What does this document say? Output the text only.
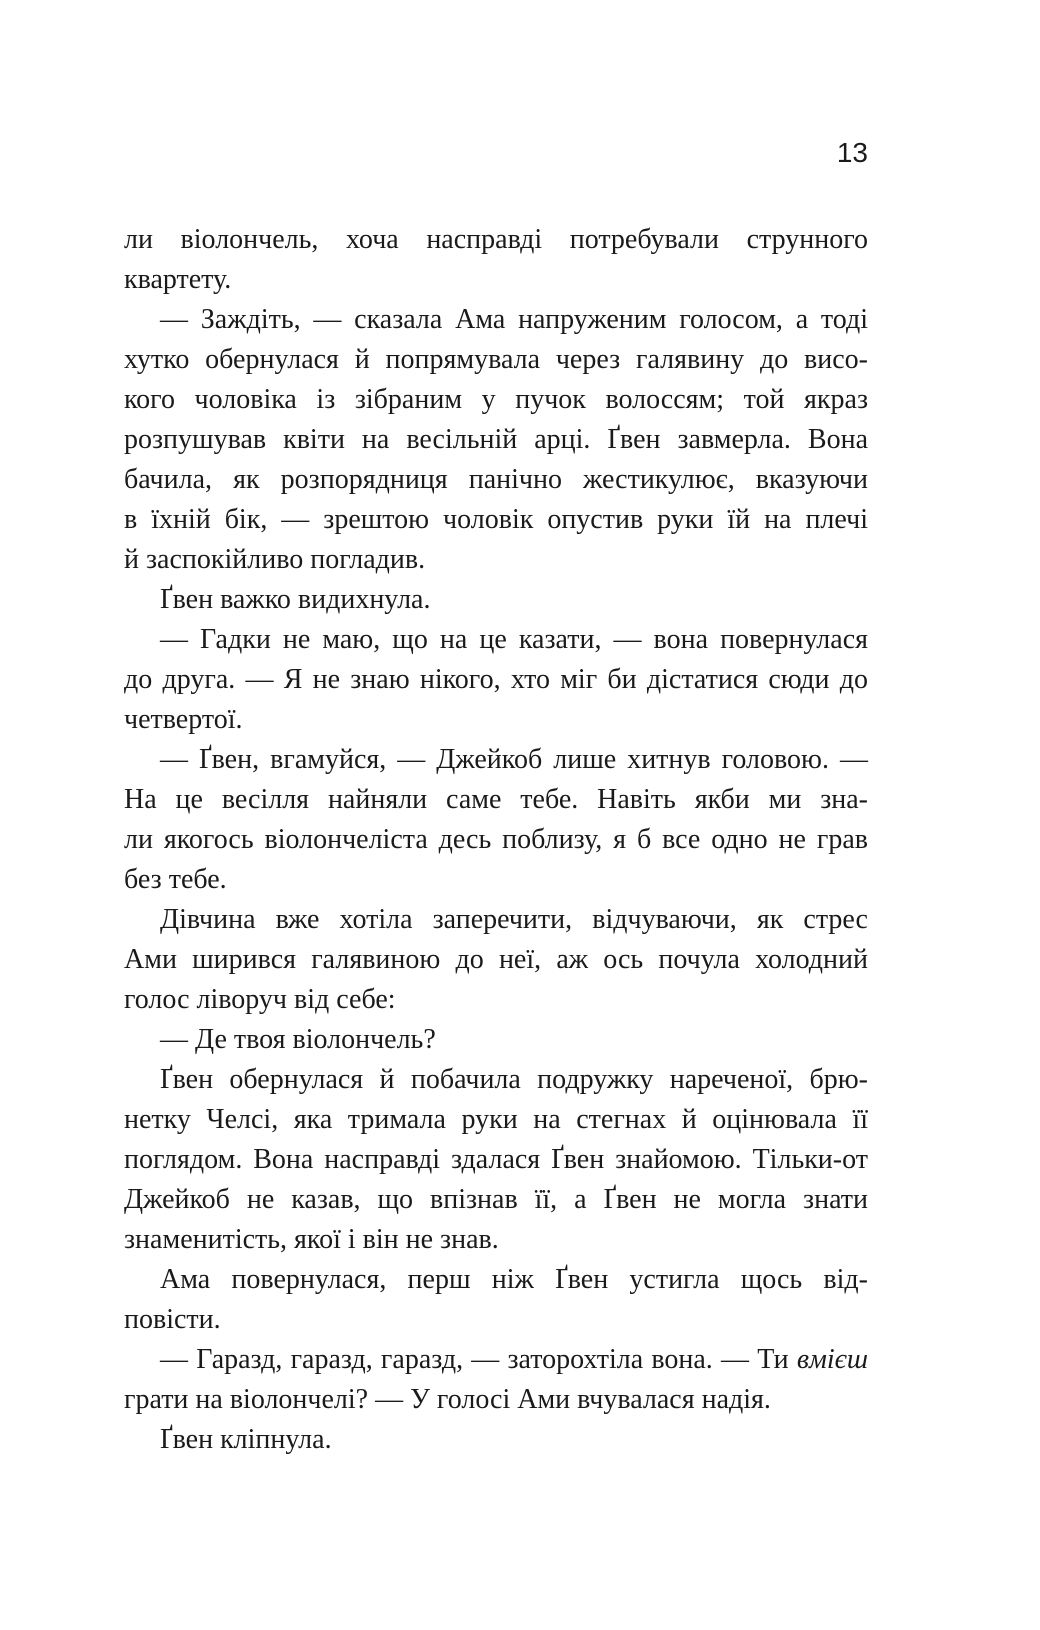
13
ли віолончель, хоча насправді потребували струнного
квартету.
— Заждіть, — сказала Ама напруженим голосом, а тоді
хутко обернулася й попрямувала через галявину до висо-
кого чоловіка із зібраним у пучок волоссям; той якраз
розпушував квіти на весільній арці. Ґвен завмерла. Вона
бачила, як розпорядниця панічно жестикулює, вказуючи
в їхній бік, — зрештою чоловік опустив руки їй на плечі
й заспокійливо погладив.
Ґвен важко видихнула.
— Гадки не маю, що на це казати, — вона повернулася
до друга. — Я не знаю нікого, хто міг би дістатися сюди до
четвертої.
— Ґвен, вгамуйся, — Джейкоб лише хитнув головою. —
На це весілля найняли саме тебе. Навіть якби ми зна-
ли якогось віолончеліста десь поблизу, я б все одно не грав
без тебе.
Дівчина вже хотіла заперечити, відчуваючи, як стрес
Ами ширився галявиною до неї, аж ось почула холодний
голос ліворуч від себе:
— Де твоя віолончель?
Ґвен обернулася й побачила подружку нареченої, брю-
нетку Челсі, яка тримала руки на стегнах й оцінювала її
поглядом. Вона насправді здалася Ґвен знайомою. Тільки-от
Джейкоб не казав, що впізнав її, а Ґвен не могла знати
знаменитість, якої і він не знав.
Ама повернулася, перш ніж Ґвен устигла щось від-
повісти.
— Гаразд, гаразд, гаразд, — заторохтіла вона. — Ти вмієш
грати на віолончелі? — У голосі Ами вчувалася надія.
Ґвен кліпнула.
